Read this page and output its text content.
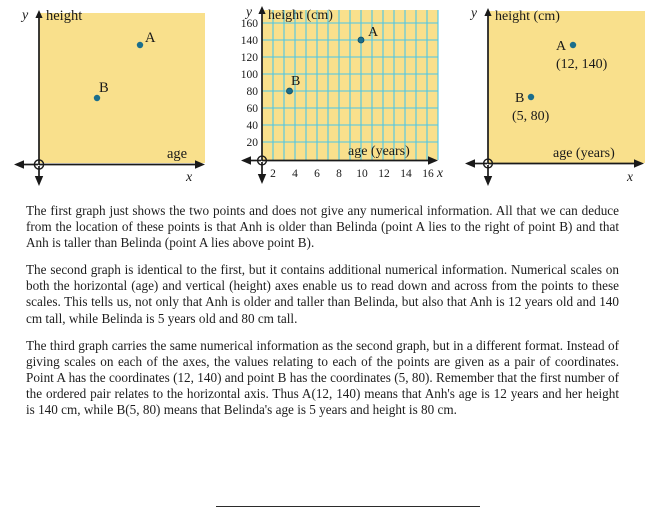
A
B
y
x
height
age
20
40
60
80
100
120
140
160
2 4 6 8 10 12 14 16
A
B
y
x
height (cm)
age (years)
A
(12, 140)
B
(5, 80)
y
x
height (cm)
age (years)

The first graph just shows the two points and does not give any numerical information. All that we can deduce from the location of these points is that Anh is older than Belinda (point A lies to the right of point B) and that Anh is taller than Belinda (point A lies above point B).

The second graph is identical to the first, but it contains additional numerical information. Numerical scales on both the horizontal (age) and vertical (height) axes enable us to read down and across from the points to these scales. This tells us, not only that Anh is older and taller than Belinda, but also that Anh is 12 years old and 140 cm tall, while Belinda is 5 years old and 80 cm tall.

The third graph carries the same numerical information as the second graph, but in a different format. Instead of giving scales on each of the axes, the values relating to each of the points are given as a pair of coordinates. Point A has the coordinates (12, 140) and point B has the coordinates (5, 80). Remember that the first number of the ordered pair relates to the horizontal axis. Thus A(12, 140) means that Anh's age is 12 years and her height is 140 cm, while B(5, 80) means that Belinda's age is 5 years and height is 80 cm.
